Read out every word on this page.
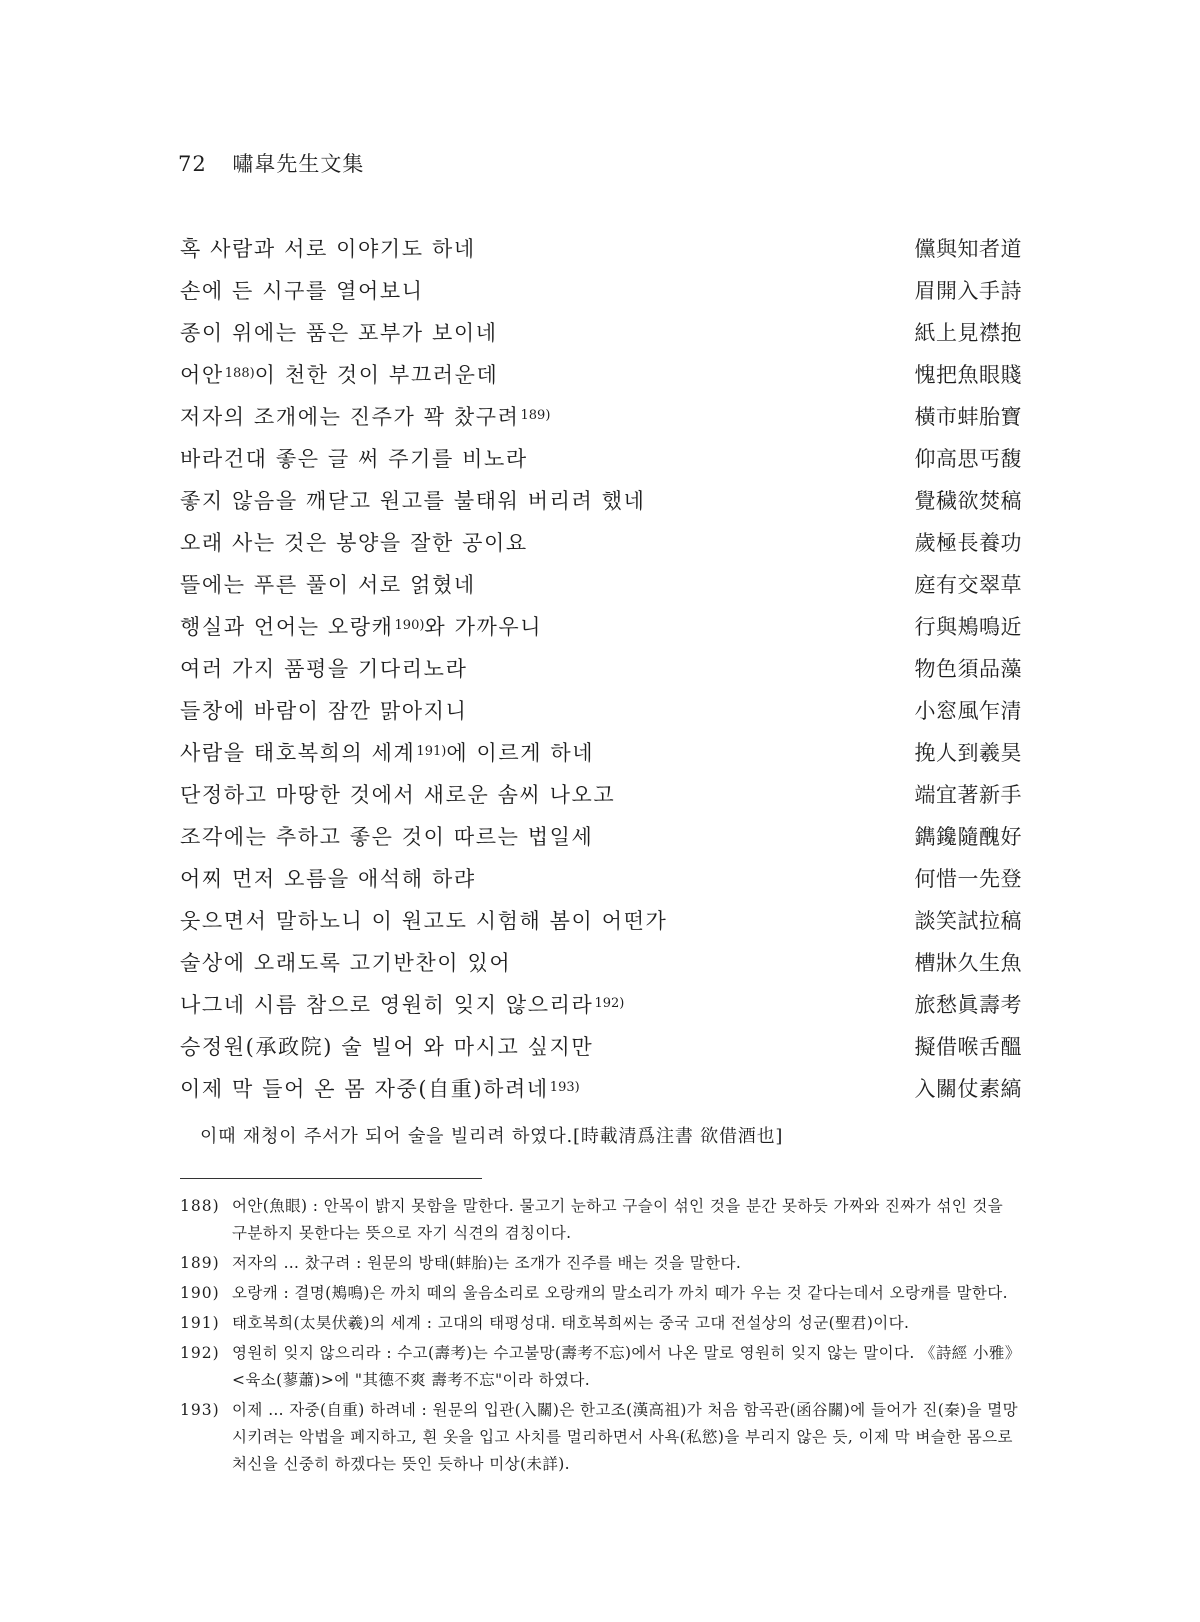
72 嘯皐先生文集
혹 사람과 서로 이야기도 하네	儻與知者道
손에 든 시구를 열어보니	眉開入手詩
종이 위에는 품은 포부가 보이네	紙上見襟抱
어안$^{188)}$이 천한 것이 부끄러운데	愧把魚眼賤
저자의 조개에는 진주가 꽉 찼구려$^{189)}$	橫市蚌胎寶
바라건대 좋은 글 써 주기를 비노라	仰高思丐馥
좋지 않음을 깨닫고 원고를 불태워 버리려 했네	覺穢欲焚稿
오래 사는 것은 봉양을 잘한 공이요	歲極長養功
뜰에는 푸른 풀이 서로 얽혔네	庭有交翠草
행실과 언어는 오랑캐$^{190)}$와 가까우니	行與鴂鳴近
여러 가지 품평을 기다리노라	物色須品藻
들창에 바람이 잠깐 맑아지니	小窓風乍清
사람을 태호복희의 세계$^{191)}$에 이르게 하네	挽人到羲昊
단정하고 마땅한 것에서 새로운 솜씨 나오고	端宜著新手
조각에는 추하고 좋은 것이 따르는 법일세	鐫鑱隨醜好
어찌 먼저 오름을 애석해 하랴	何惜一先登
웃으면서 말하노니 이 원고도 시험해 봄이 어떤가	談笑試拉稿
술상에 오래도록 고기반찬이 있어	槽牀久生魚
나그네 시름 참으로 영원히 잊지 않으리라$^{192)}$	旅愁眞壽考
승정원(承政院) 술 빌어 와 마시고 싶지만	擬借喉舌醞
이제 막 들어 온 몸 자중(自重)하려네$^{193)}$	入關仗素縞
이때 재청이 주서가 되어 술을 빌리려 하였다.[時載清爲注書 欲借酒也]
188) 어안(魚眼) : 안목이 밝지 못함을 말한다. 물고기 눈하고 구슬이 섞인 것을 분간 못하듯 가짜와 진짜가 섞인 것을 구분하지 못한다는 뜻으로 자기 식견의 겸칭이다.
189) 저자의 … 찼구려 : 원문의 방태(蚌胎)는 조개가 진주를 배는 것을 말한다.
190) 오랑캐 : 결명(鴂鳴)은 까치 떼의 울음소리로 오랑캐의 말소리가 까치 떼가 우는 것 같다는데서 오랑캐를 말한다.
191) 태호복희(太昊伏羲)의 세계 : 고대의 태평성대. 태호복희씨는 중국 고대 전설상의 성군(聖君)이다.
192) 영원히 잊지 않으리라 : 수고(壽考)는 수고불망(壽考不忘)에서 나온 말로 영원히 잊지 않는 말이다. 《詩經 小雅》 <육소(蓼蕭)>에 "其德不爽 壽考不忘"이라 하였다.
193) 이제 … 자중(自重) 하려네 : 원문의 입관(入關)은 한고조(漢高祖)가 처음 함곡관(函谷關)에 들어가 진(秦)을 멸망시키려는 악법을 폐지하고, 흰 옷을 입고 사치를 멀리하면서 사욕(私慾)을 부리지 않은 듯, 이제 막 벼슬한 몸으로 처신을 신중히 하겠다는 뜻인 듯하나 미상(未詳).
